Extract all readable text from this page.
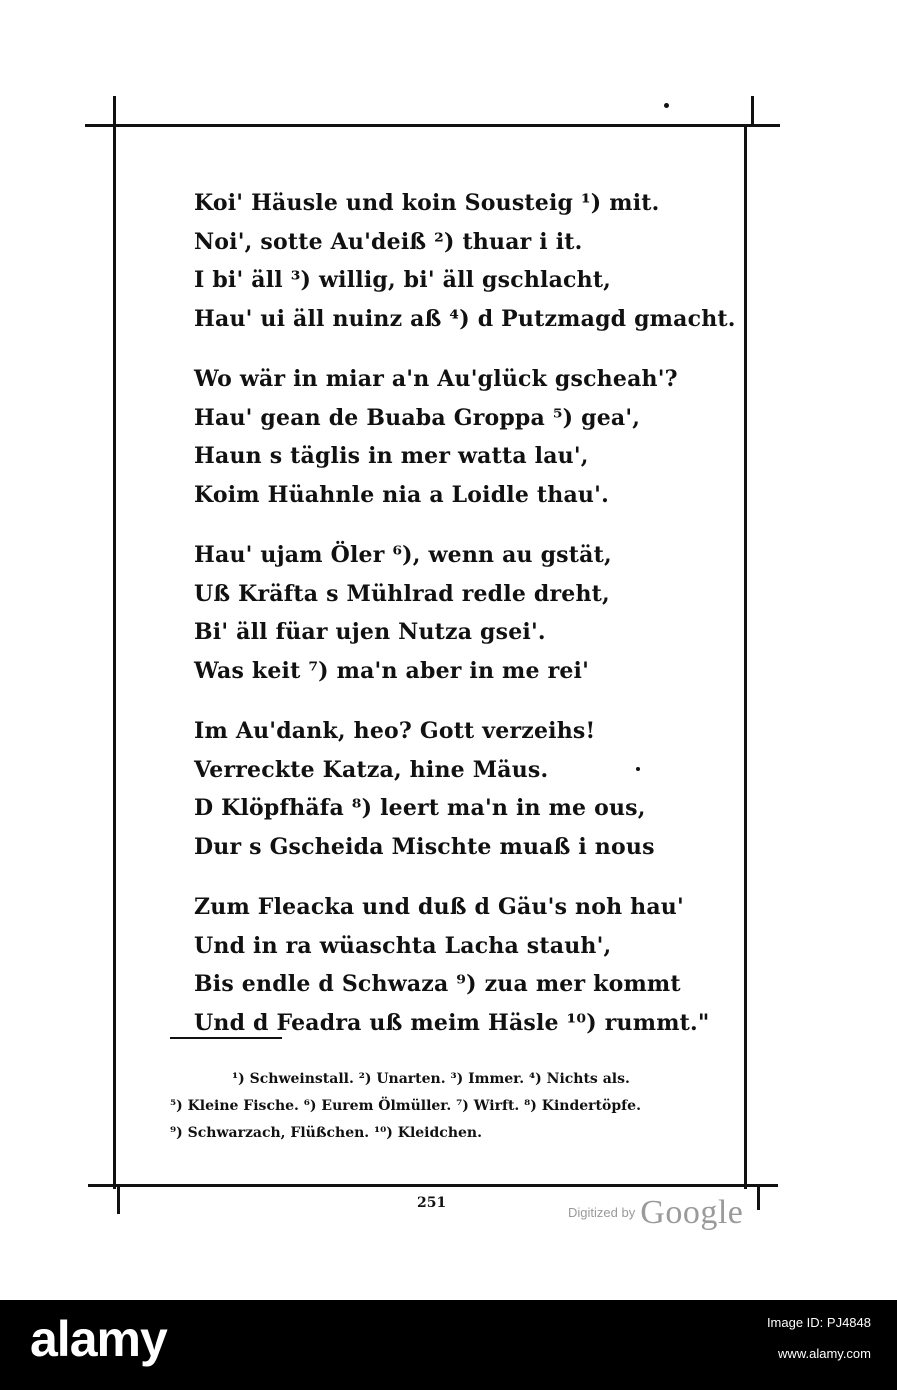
Koi' Häusle und koin Sousteig ¹) mit.
Noi', sotte Au'deiß ²) thuar i it.
I bi' äll ³) willig, bi' äll gschlacht,
Hau' ui äll nuinz aß ⁴) d Putzmagd gmacht.
Wo wär in miar a'n Au'glück gscheah'?
Hau' gean de Buaba Groppa ⁵) gea',
Haun s täglis in mer watta lau',
Koim Hüahnle nia a Loidle thau'.
Hau' ujam Öler ⁶), wenn au gstät,
Uß Kräfta s Mühlrad redle dreht,
Bi' äll füar ujen Nutza gsei'.
Was keit ⁷) ma'n aber in me rei'
Im Au'dank, heo? Gott verzeihs!
Verreckte Katza, hine Mäus.
D Klöpfhäfa ⁸) leert ma'n in me ous,
Dur s Gscheida Mischte muaß i nous
Zum Fleacka und duß d Gäu's noh hau'
Und in ra wüaschta Lacha stauh',
Bis endle d Schwaza ⁹) zua mer kommt
Und d Feadra uß meim Häsle ¹⁰) rummt."
¹) Schweinstall. ²) Unarten. ³) Immer. ⁴) Nichts als.
⁵) Kleine Fische. ⁶) Eurem Ölmüller. ⁷) Wirft. ⁸) Kindertöpfe.
⁹) Schwarzach, Flüßchen. ¹⁰) Kleidchen.
251
$^{Digitized by}$ Google
alamy	Image ID: PJ4848
www.alamy.com
